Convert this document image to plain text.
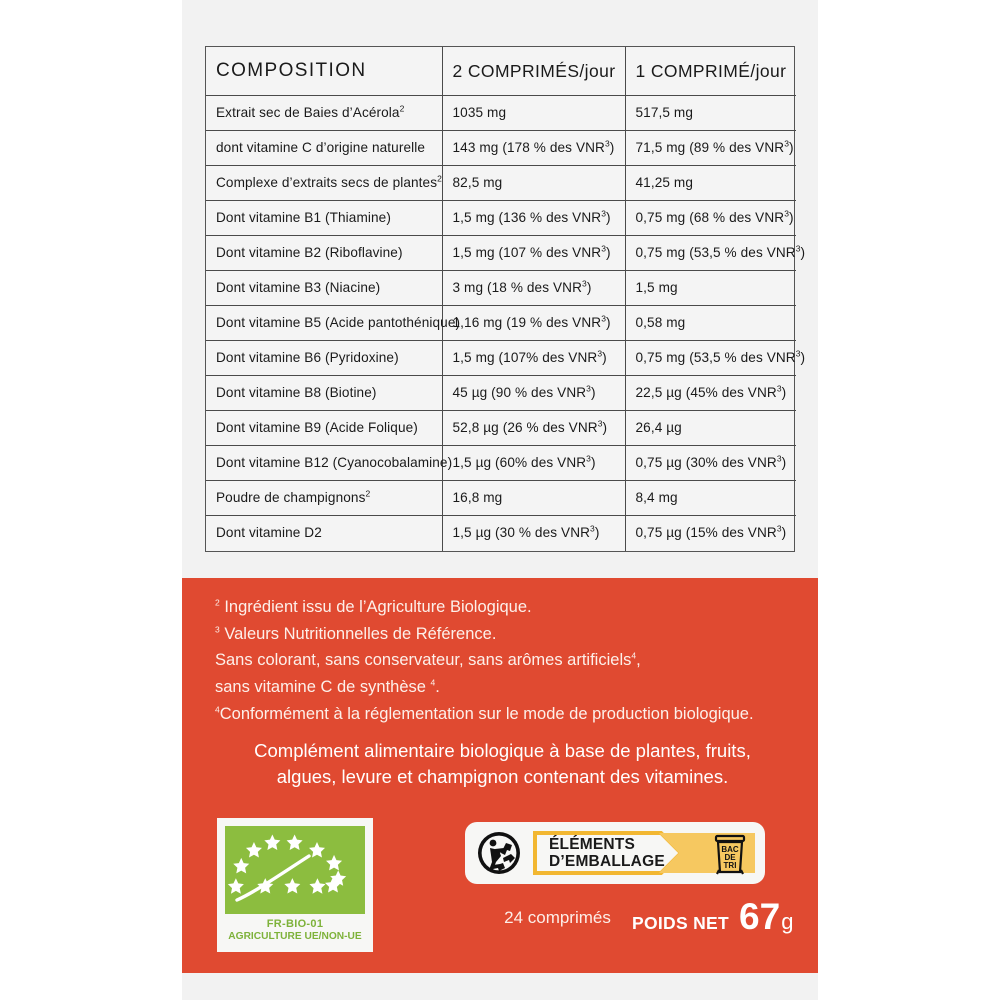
COMPOSITION	2 COMPRIMÉS/jour	1 COMPRIMÉ/jour
Extrait sec de Baies d’Acérola$^2$	1035 mg	517,5 mg
dont vitamine C d’origine naturelle	143 mg (178 % des VNR$^3$)	71,5 mg (89 % des VNR$^3$)
Complexe d’extraits secs de plantes$^2$	82,5 mg	41,25 mg
Dont vitamine B1 (Thiamine)	1,5 mg (136 % des VNR$^3$)	0,75 mg (68 % des VNR$^3$)
Dont vitamine B2 (Riboflavine)	1,5 mg (107 % des VNR$^3$)	0,75 mg (53,5 % des VNR$^3$)
Dont vitamine B3 (Niacine)	3 mg (18 % des VNR$^3$)	1,5 mg
Dont vitamine B5 (Acide pantothénique)	1,16 mg (19 % des VNR$^3$)	0,58 mg
Dont vitamine B6 (Pyridoxine)	1,5 mg (107% des VNR$^3$)	0,75 mg (53,5 % des VNR$^3$)
Dont vitamine B8 (Biotine)	45 µg (90 % des VNR$^3$)	22,5 µg (45% des VNR$^3$)
Dont vitamine B9 (Acide Folique)	52,8 µg (26 % des VNR$^3$)	26,4 µg
Dont vitamine B12 (Cyanocobalamine)	1,5 µg (60% des VNR$^3$)	0,75 µg (30% des VNR$^3$)
Poudre de champignons$^2$	16,8 mg	8,4 mg
Dont vitamine D2	1,5 µg (30 % des VNR$^3$)	0,75 µg (15% des VNR$^3$)
$^2$ Ingrédient issu de l’Agriculture Biologique.
$^3$ Valeurs Nutritionnelles de Référence.
Sans colorant, sans conservateur, sans arômes artificiels$^4$,
sans vitamine C de synthèse $^4$.
$^4$Conformément à la réglementation sur le mode de production biologique.
Complément alimentaire biologique à base de plantes, fruits,
algues, levure et champignon contenant des vitamines.
FR-BIO-01
AGRICULTURE UE/NON-UE
ÉLÉMENTS
D’EMBALLAGE
BAC
DE
TRI
24 comprimés	POIDS NET 67 g
